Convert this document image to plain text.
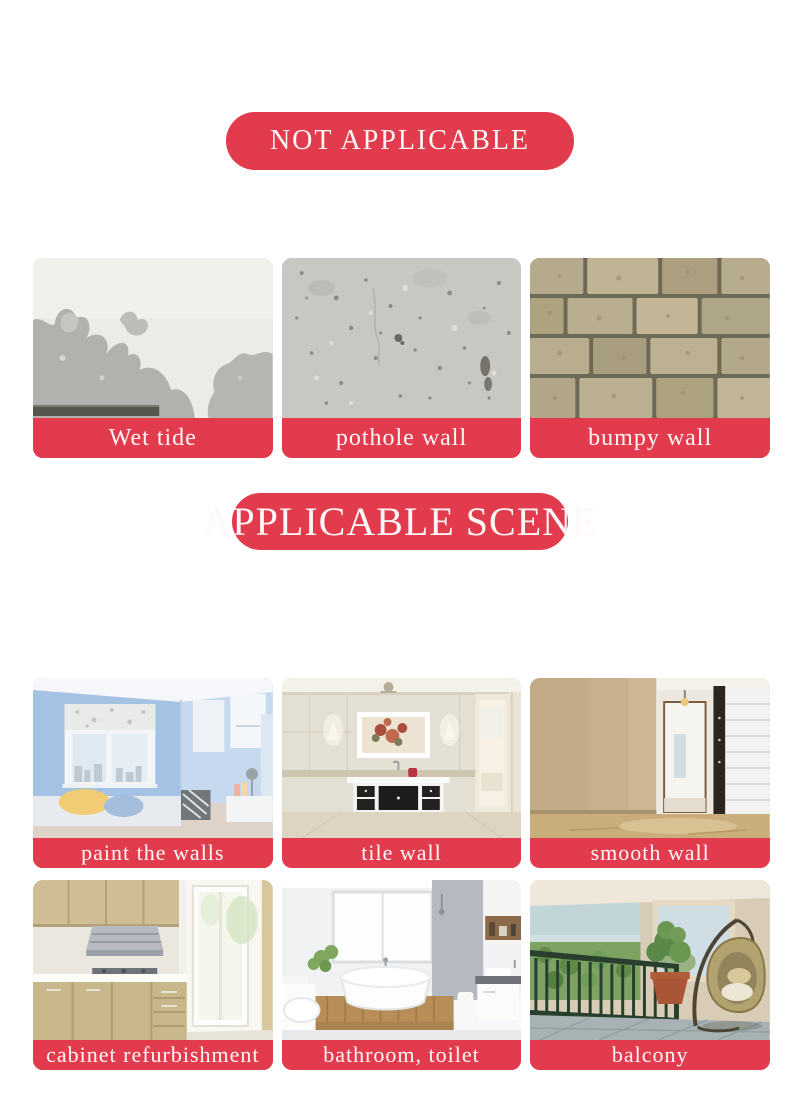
NOT APPLICABLE
Wet tide	pothole wall	bumpy wall
APPLICABLE SCENE
paint the walls	tile wall	smooth wall
cabinet refurbishment	bathroom, toilet	balcony
